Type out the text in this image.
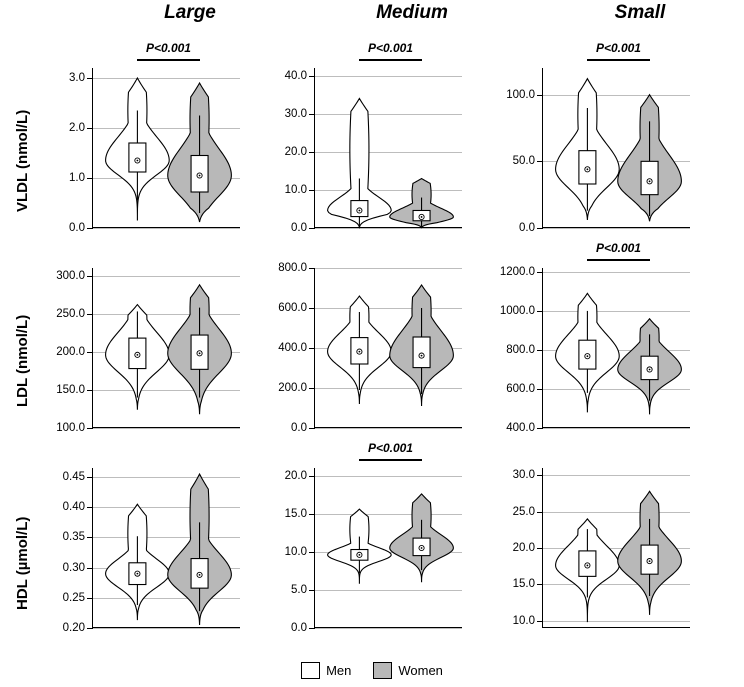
Large	Medium	Small
VLDL (nmol/L)
LDL (nmol/L)
HDL (µmol/L)
0.0
1.0
2.0
3.0
P<0.001
0.0
10.0
20.0
30.0
40.0
P<0.001
0.0
50.0
100.0
P<0.001
100.0
150.0
200.0
250.0
300.0
0.0
200.0
400.0
600.0
800.0
400.0
600.0
800.0
1000.0
1200.0
P<0.001
0.20
0.25
0.30
0.35
0.40
0.45
0.0
5.0
10.0
15.0
20.0
P<0.001
10.0
15.0
20.0
25.0
30.0
Men	Women
